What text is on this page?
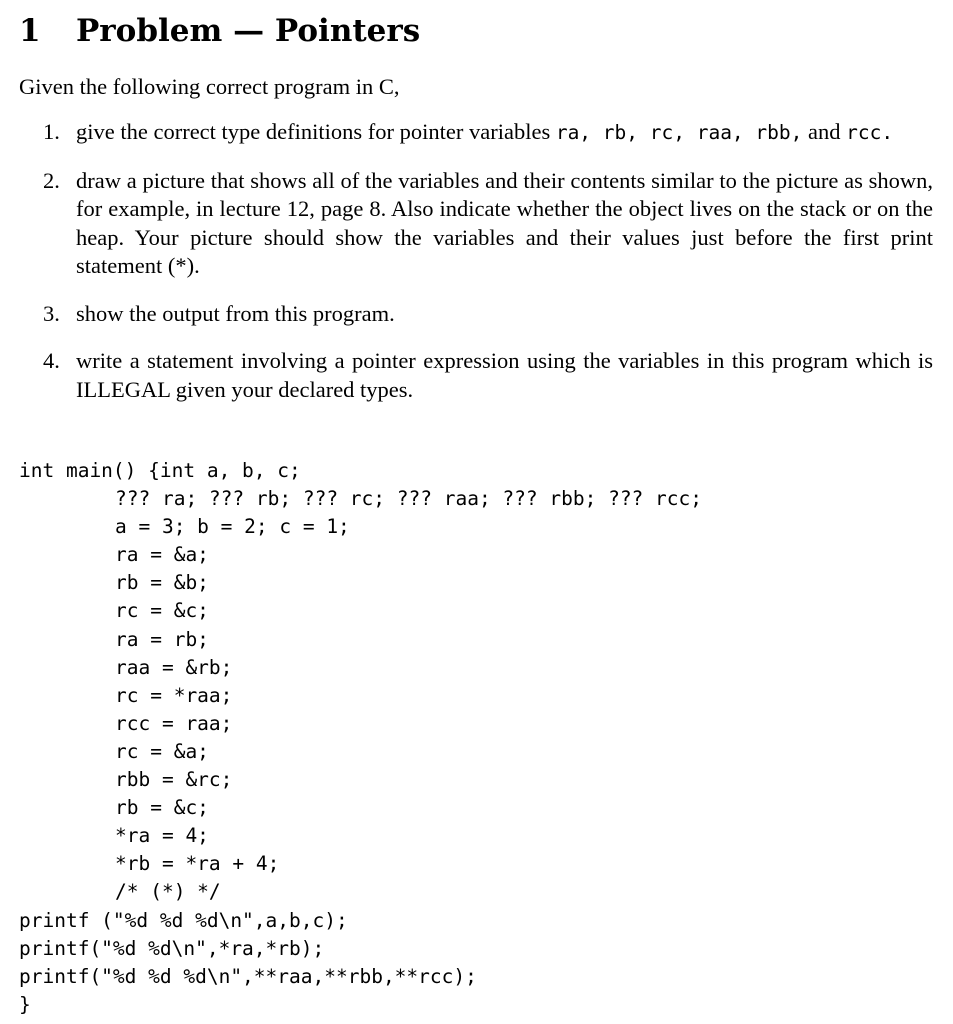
1 Problem — Pointers
Given the following correct program in C,
1. give the correct type definitions for pointer variables ra, rb, rc, raa, rbb, and rcc.
2. draw a picture that shows all of the variables and their contents similar to the picture as shown, for example, in lecture 12, page 8. Also indicate whether the object lives on the stack or on the heap. Your picture should show the variables and their values just before the first print statement (*).
3. show the output from this program.
4. write a statement involving a pointer expression using the variables in this program which is ILLEGAL given your declared types.
int main() {int a, b, c;
??? ra; ??? rb; ??? rc; ??? raa; ??? rbb; ??? rcc;
a = 3; b = 2; c = 1;
ra = &a;
rb = &b;
rc = &c;
ra = rb;
raa = &rb;
rc = *raa;
rcc = raa;
rc = &a;
rbb = &rc;
rb = &c;
*ra = 4;
*rb = *ra + 4;
/* (*) */
printf ("%d %d %d\n",a,b,c);
printf("%d %d\n",*ra,*rb);
printf("%d %d %d\n",**raa,**rbb,**rcc);
}
